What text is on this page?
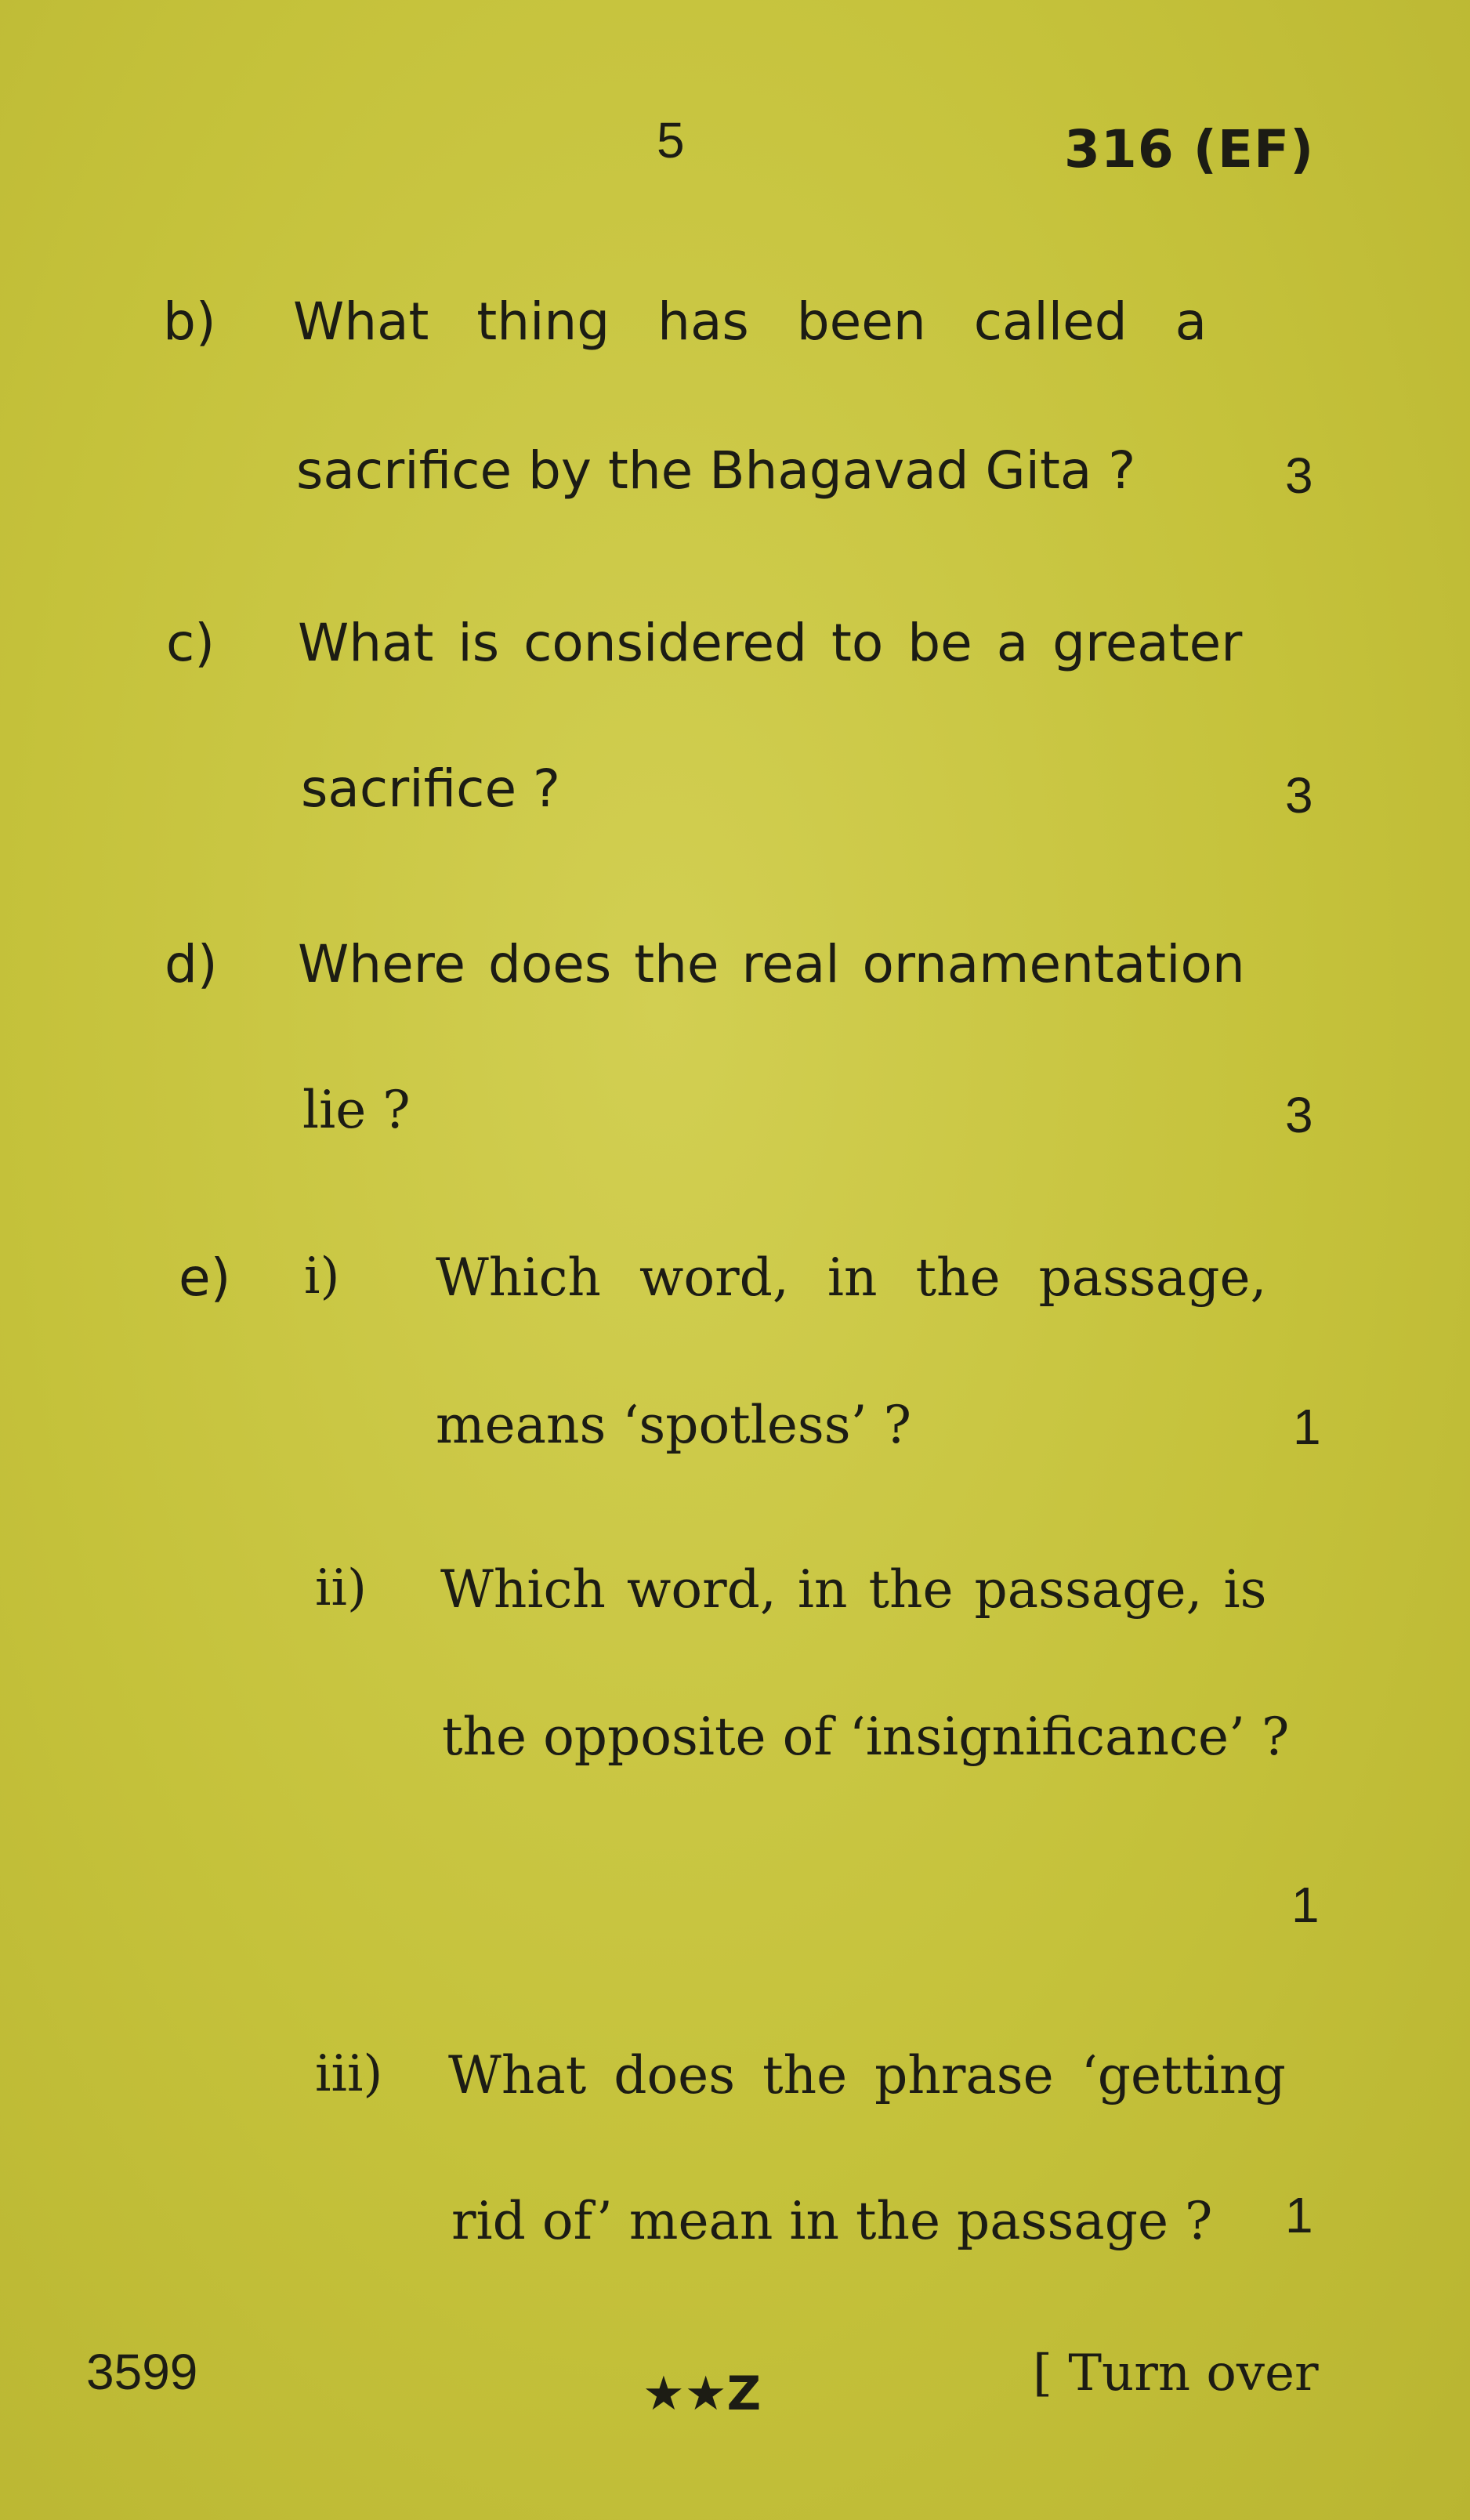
5	316 (EF)
b) What thing has been called a
sacrifice by the Bhagavad Gita ?	3
c) What is considered to be a greater
sacrifice ?	3
d) Where does the real ornamentation
lie ?	3
e) i) Which word, in the passage,
means ‘spotless’ ?	1
ii) Which word, in the passage, is
the opposite of ‘insignificance’ ?
1
iii) What does the phrase ‘getting
rid of’ mean in the passage ? 1
3599	★★Z	[ Turn over
